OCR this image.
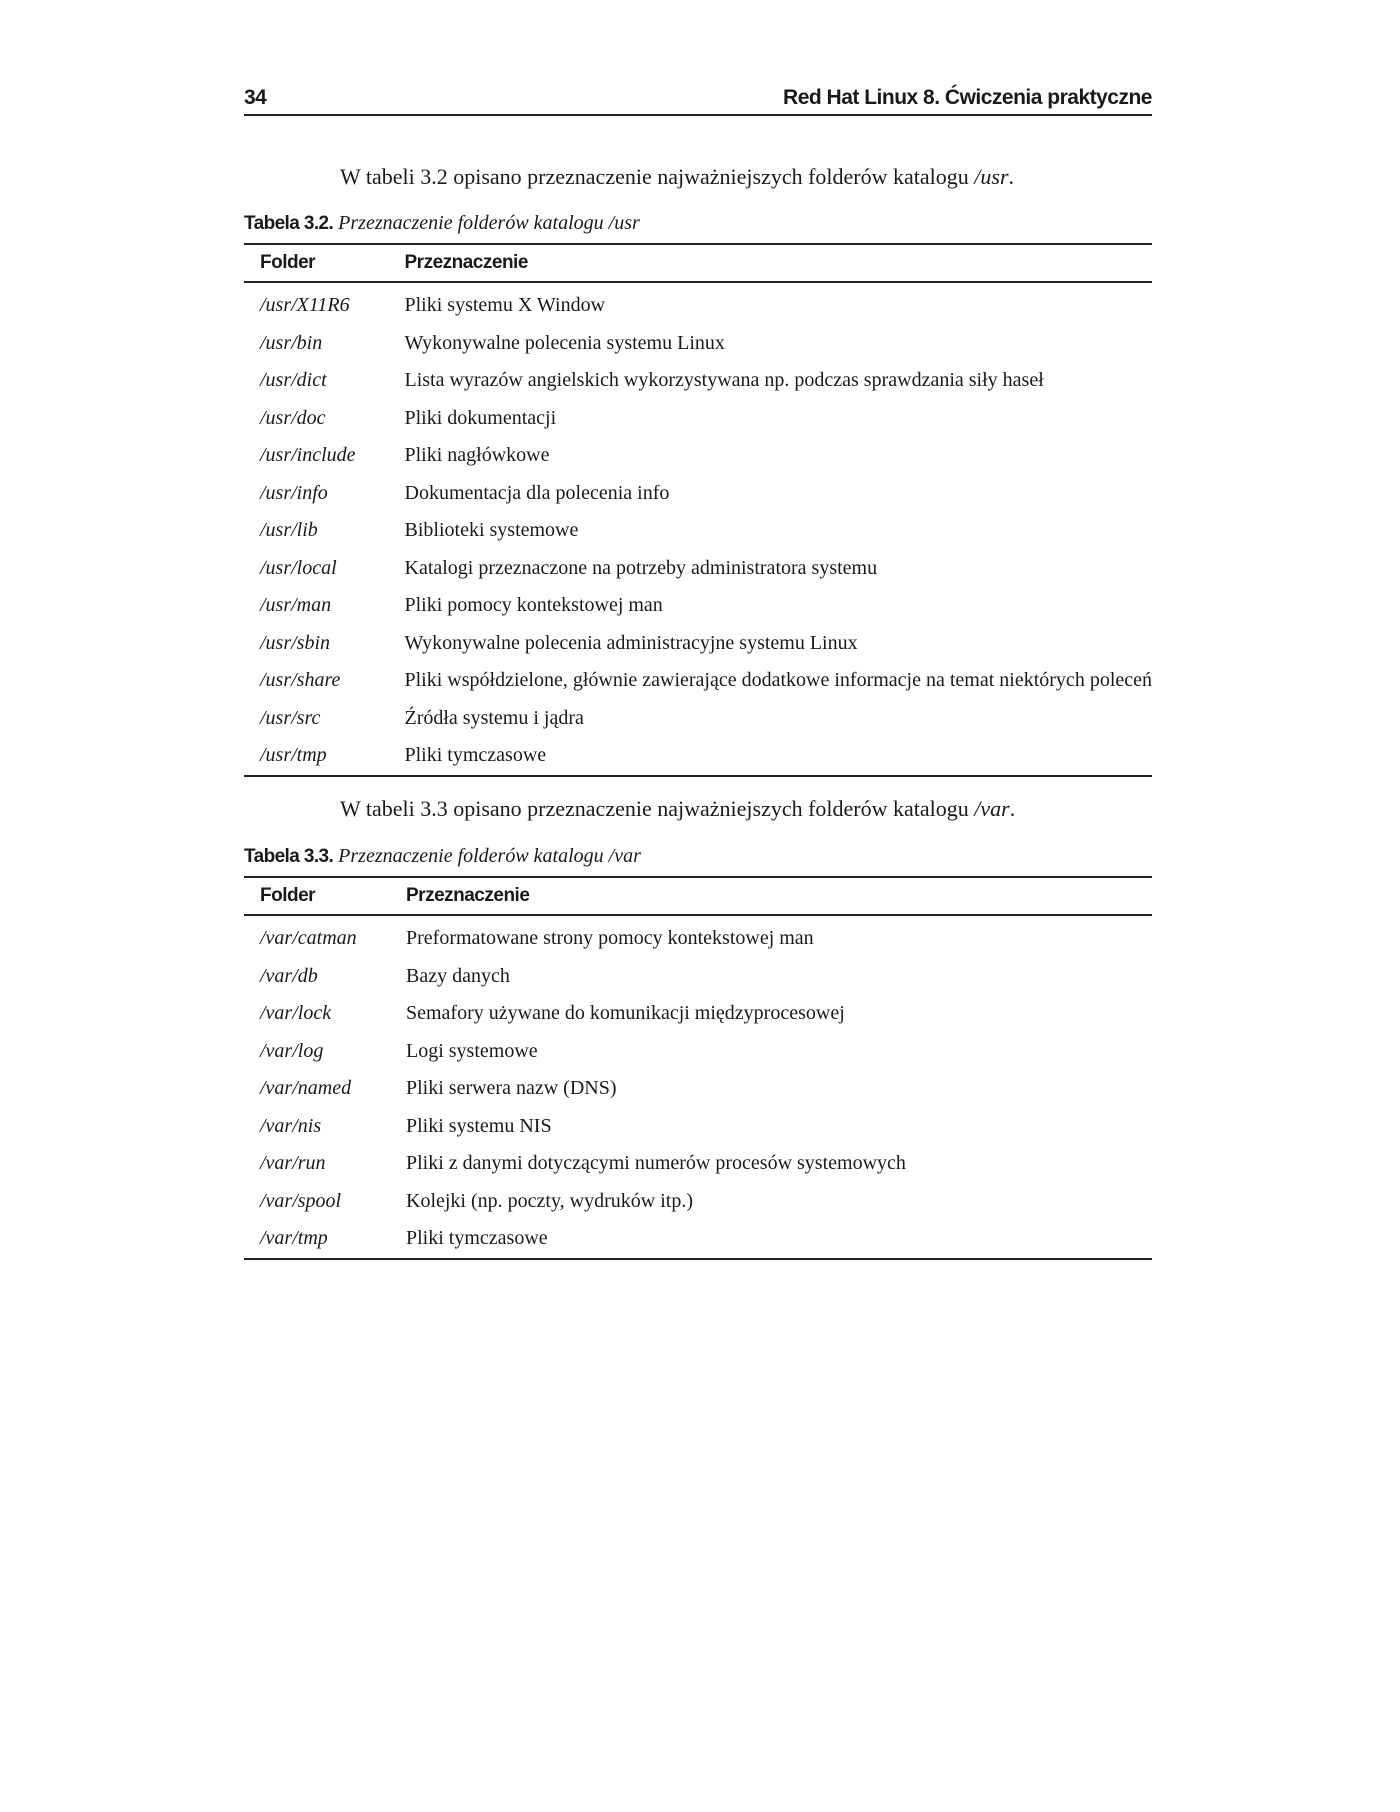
34	Red Hat Linux 8. Ćwiczenia praktyczne
W tabeli 3.2 opisano przeznaczenie najważniejszych folderów katalogu /usr.
Tabela 3.2. Przeznaczenie folderów katalogu /usr
Folder	Przeznaczenie
/usr/X11R6	Pliki systemu X Window
/usr/bin	Wykonywalne polecenia systemu Linux
/usr/dict	Lista wyrazów angielskich wykorzystywana np. podczas sprawdzania siły haseł
/usr/doc	Pliki dokumentacji
/usr/include	Pliki nagłówkowe
/usr/info	Dokumentacja dla polecenia info
/usr/lib	Biblioteki systemowe
/usr/local	Katalogi przeznaczone na potrzeby administratora systemu
/usr/man	Pliki pomocy kontekstowej man
/usr/sbin	Wykonywalne polecenia administracyjne systemu Linux
/usr/share	Pliki współdzielone, głównie zawierające dodatkowe informacje na temat niektórych poleceń
/usr/src	Źródła systemu i jądra
/usr/tmp	Pliki tymczasowe
W tabeli 3.3 opisano przeznaczenie najważniejszych folderów katalogu /var.
Tabela 3.3. Przeznaczenie folderów katalogu /var
Folder	Przeznaczenie
/var/catman	Preformatowane strony pomocy kontekstowej man
/var/db	Bazy danych
/var/lock	Semafory używane do komunikacji międzyprocesowej
/var/log	Logi systemowe
/var/named	Pliki serwera nazw (DNS)
/var/nis	Pliki systemu NIS
/var/run	Pliki z danymi dotyczącymi numerów procesów systemowych
/var/spool	Kolejki (np. poczty, wydruków itp.)
/var/tmp	Pliki tymczasowe
